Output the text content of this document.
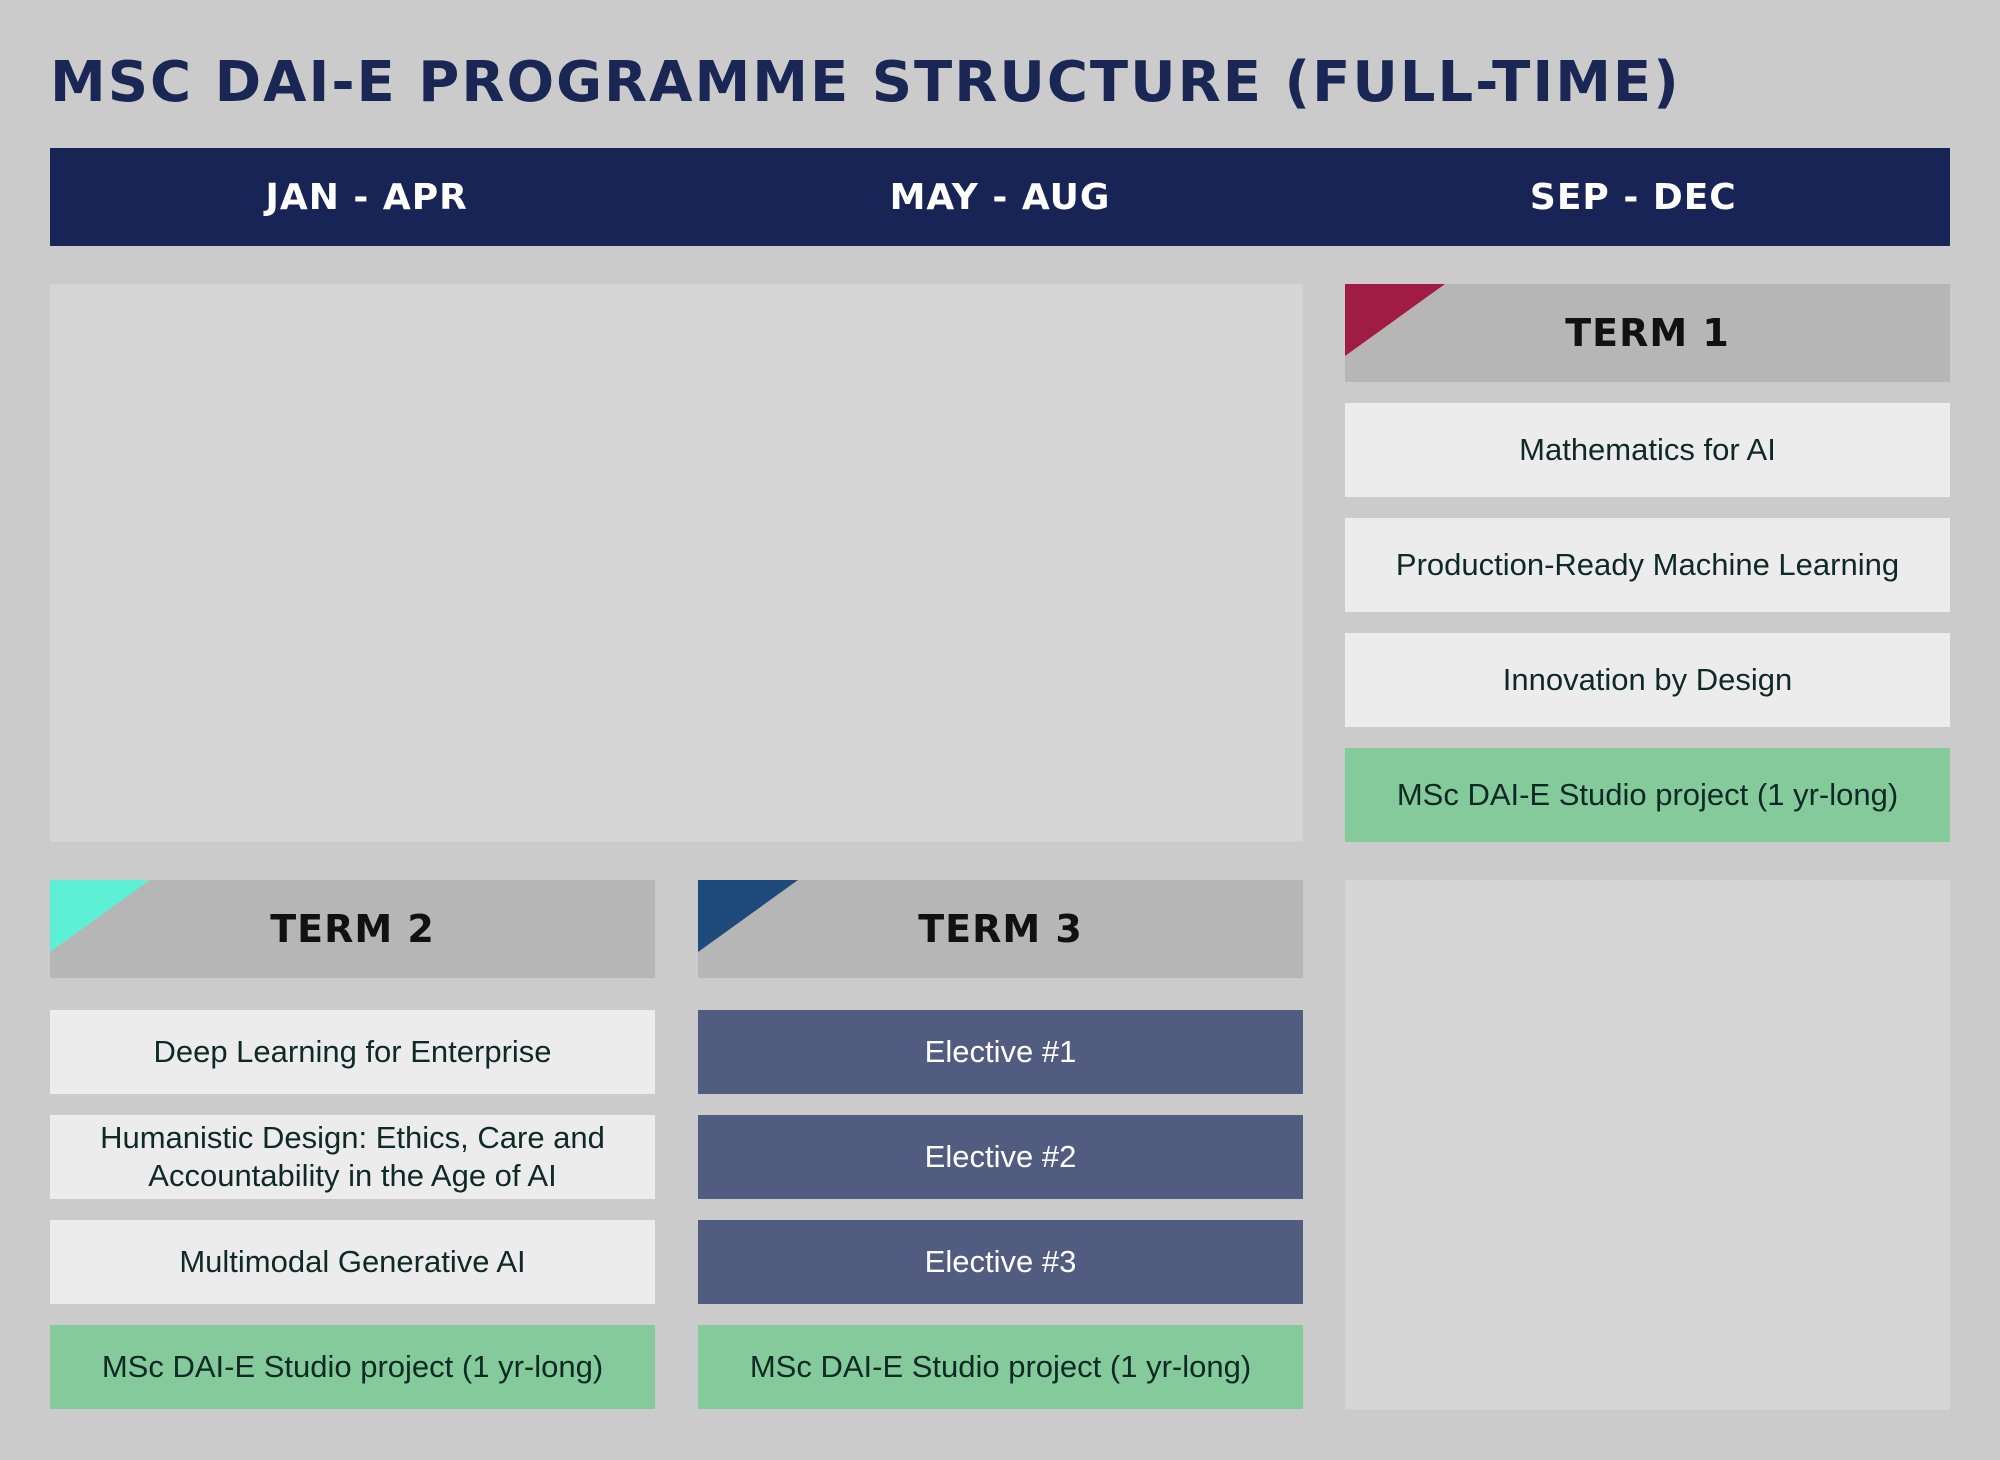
MSC DAI-E PROGRAMME STRUCTURE (FULL-TIME)
JAN - APR	MAY - AUG	SEP - DEC
TERM 1
Mathematics for AI
Production-Ready Machine Learning
Innovation by Design
MSc DAI-E Studio project (1 yr-long)
TERM 2
Deep Learning for Enterprise
Humanistic Design: Ethics, Care and Accountability in the Age of AI
Multimodal Generative AI
MSc DAI-E Studio project (1 yr-long)
TERM 3
Elective #1
Elective #2
Elective #3
MSc DAI-E Studio project (1 yr-long)
